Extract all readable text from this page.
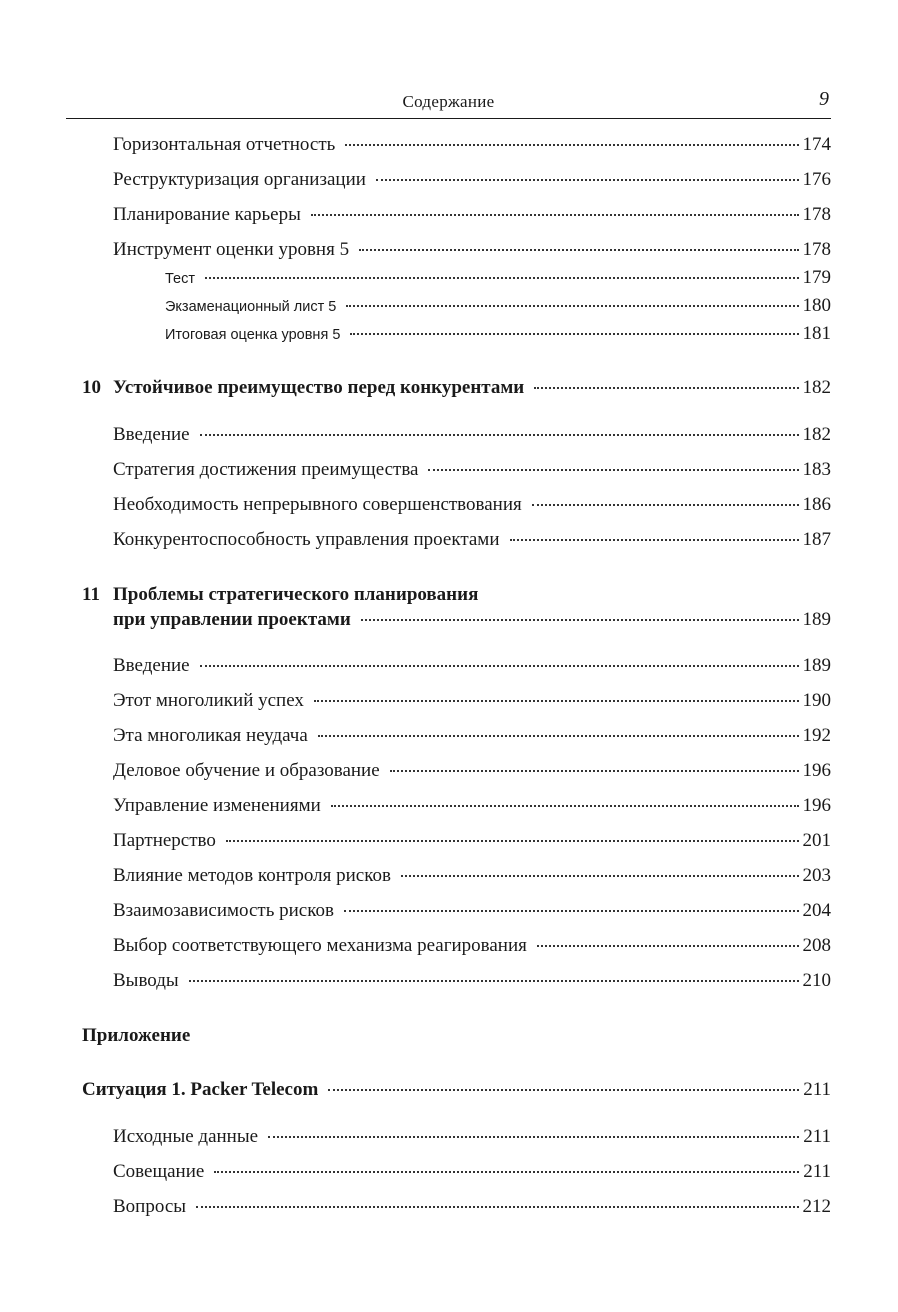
Содержание	9
Горизонтальная отчетность	174
Реструктуризация организации	176
Планирование карьеры	178
Инструмент оценки уровня 5	178
Тест	179
Экзаменационный лист 5	180
Итоговая оценка уровня 5	181
10 Устойчивое преимущество перед конкурентами	182
Введение	182
Стратегия достижения преимущества	183
Необходимость непрерывного совершенствования	186
Конкурентоспособность управления проектами	187
11 Проблемы стратегического планирования
при управлении проектами	189
Введение	189
Этот многоликий успех	190
Эта многоликая неудача	192
Деловое обучение и образование	196
Управление изменениями	196
Партнерство	201
Влияние методов контроля рисков	203
Взаимозависимость рисков	204
Выбор соответствующего механизма реагирования	208
Выводы	210
Приложение
Ситуация 1. Packer Telecom	211
Исходные данные	211
Совещание	211
Вопросы	212
